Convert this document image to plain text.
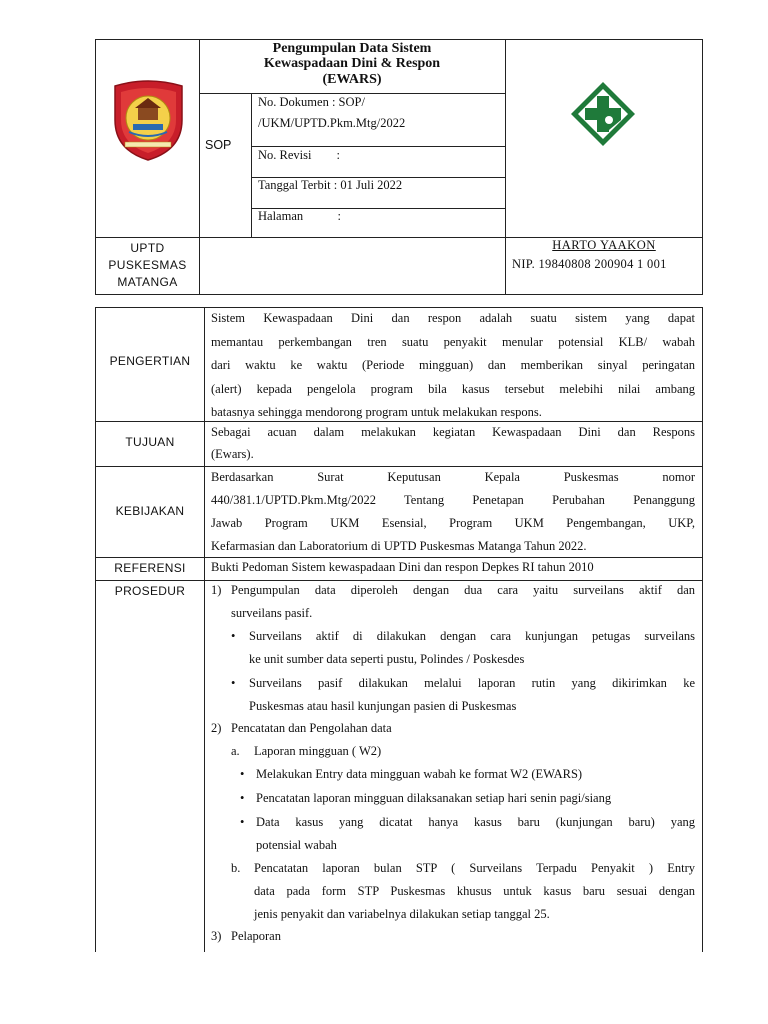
Pengumpulan Data Sistem
Kewaspadaan Dini & Respon
(EWARS)
SOP
No. Dokumen : SOP/
/UKM/UPTD.Pkm.Mtg/2022
No. Revisi        :
Tanggal Terbit : 01 Juli 2022
Halaman           :
UPTD
PUSKESMAS
MATANGA
HARTO YAAKON
NIP. 19840808 200904 1 001
PENGERTIAN
Sistem Kewaspadaan Dini dan respon adalah suatu sistem yang dapat
memantau perkembangan tren suatu penyakit menular potensial KLB/ wabah
dari waktu ke waktu (Periode mingguan) dan memberikan sinyal peringatan
(alert) kepada pengelola program bila kasus tersebut melebihi nilai ambang
batasnya sehingga mendorong program untuk melakukan respons.
TUJUAN
Sebagai acuan dalam melakukan kegiatan Kewaspadaan Dini dan Respons
(Ewars).
KEBIJAKAN
Berdasarkan Surat Keputusan Kepala Puskesmas nomor
440/381.1/UPTD.Pkm.Mtg/2022 Tentang Penetapan Perubahan Penanggung
Jawab Program UKM Esensial, Program UKM Pengembangan, UKP,
Kefarmasian dan Laboratorium di UPTD Puskesmas Matanga Tahun 2022.
REFERENSI	Bukti Pedoman Sistem kewaspadaan Dini dan respon Depkes RI tahun 2010
PROSEDUR	1) Pengumpulan data diperoleh dengan dua cara yaitu surveilans aktif dan
surveilans pasif.
• Surveilans aktif di dilakukan dengan cara kunjungan petugas surveilans
ke unit sumber data seperti pustu, Polindes / Poskesdes
• Surveilans pasif dilakukan melalui laporan rutin yang dikirimkan ke
Puskesmas atau hasil kunjungan pasien di Puskesmas
2) Pencatatan dan Pengolahan data
a. Laporan mingguan ( W2)
• Melakukan Entry data mingguan wabah ke format W2 (EWARS)
• Pencatatan laporan mingguan dilaksanakan setiap hari senin pagi/siang
• Data kasus yang dicatat hanya kasus baru (kunjungan baru) yang
potensial wabah
b. Pencatatan laporan bulan STP ( Surveilans Terpadu Penyakit ) Entry
data pada form STP Puskesmas khusus untuk kasus baru sesuai dengan
jenis penyakit dan variabelnya dilakukan setiap tanggal 25.
3) Pelaporan
